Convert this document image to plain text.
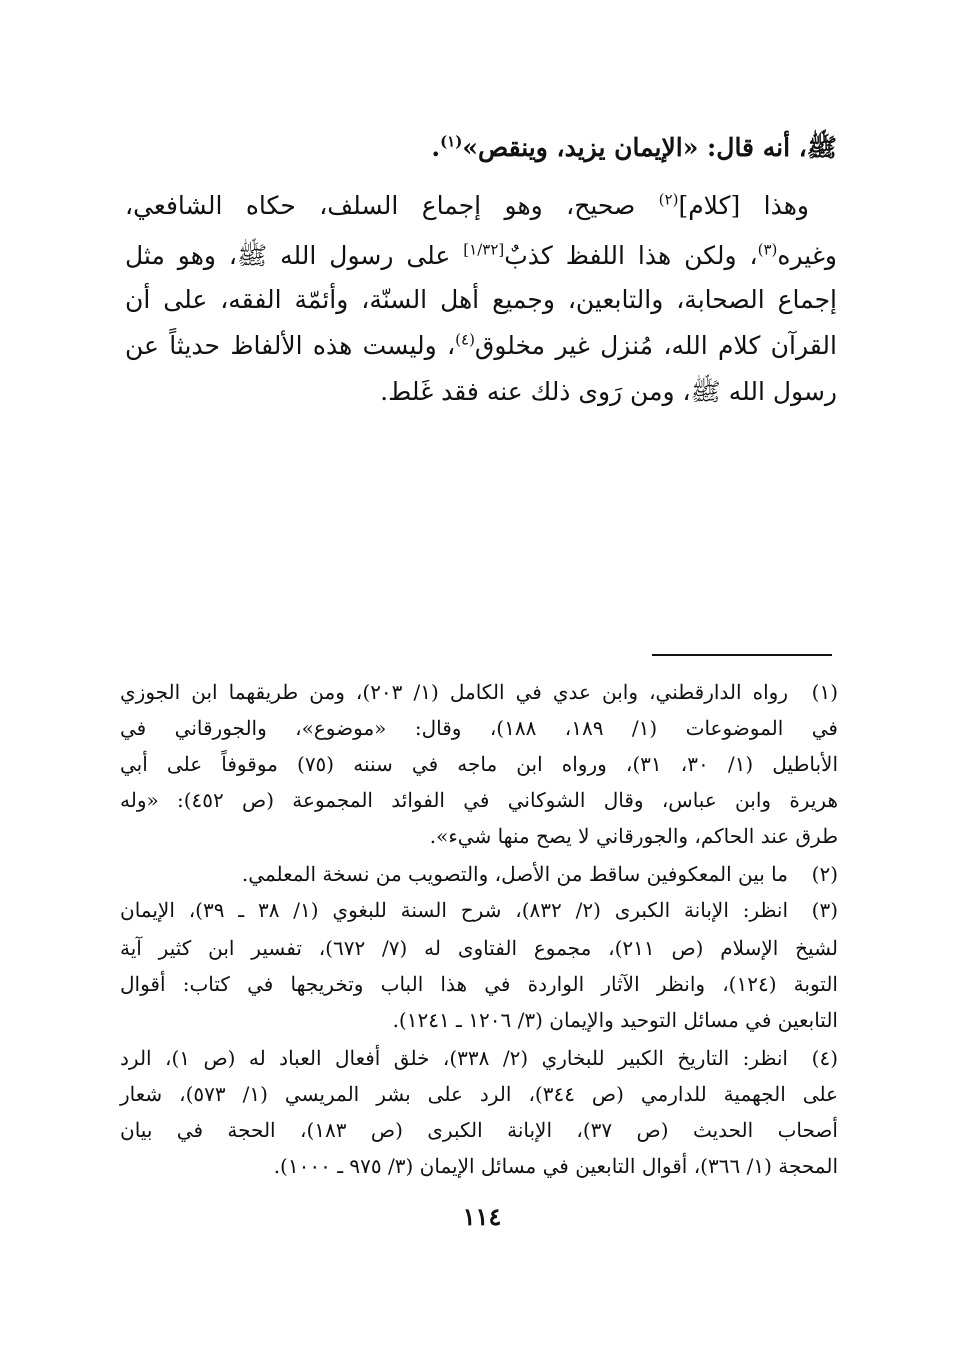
ﷺ، أنه قال: «الإيمان يزيد، وينقص»$^{(١)}$.
وهذا [كلام]$^{(٢)}$ صحيح، وهو إجماع السلف، حكاه الشافعي،
وغيره$^{(٣)}$، ولكن هذا اللفظ كذبٌ[١/٣٢] على رسول الله ﷺ، وهو مثل
إجماع الصحابة، والتابعين، وجميع أهل السنّة، وأئمّة الفقه، على أن
القرآن كلام الله، مُنزل غير مخلوق$^{(٤)}$، وليست هذه الألفاظ حديثاً عن
رسول الله ﷺ، ومن رَوى ذلك عنه فقد غَلط.
(١)
رواه الدارقطني، وابن عدي في الكامل (١/ ٢٠٣)، ومن طريقهما ابن الجوزي
في الموضوعات (١/ ١٨٩، ١٨٨)، وقال: «موضوع»، والجورقاني في
الأباطيل (١/ ٣٠، ٣١)، ورواه ابن ماجه في سننه (٧٥) موقوفاً على أبي
هريرة وابن عباس، وقال الشوكاني في الفوائد المجموعة (ص ٤٥٢): «وله
طرق عند الحاكم، والجورقاني لا يصح منها شيء».
(٢)
ما بين المعكوفين ساقط من الأصل، والتصويب من نسخة المعلمي.
(٣)
انظر: الإبانة الكبرى (٢/ ٨٣٢)، شرح السنة للبغوي (١/ ٣٨ ـ ٣٩)، الإيمان
لشيخ الإسلام (ص ٢١١)، مجموع الفتاوى له (٧/ ٦٧٢)، تفسير ابن كثير آية
التوبة (١٢٤)، وانظر الآثار الواردة في هذا الباب وتخريجها في كتاب: أقوال
التابعين في مسائل التوحيد والإيمان (٣/ ١٢٠٦ ـ ١٢٤١).
(٤)
انظر: التاريخ الكبير للبخاري (٢/ ٣٣٨)، خلق أفعال العباد له (ص ١)، الرد
على الجهمية للدارمي (ص ٣٤٤)، الرد على بشر المريسي (١/ ٥٧٣)، شعار
أصحاب الحديث (ص ٣٧)، الإبانة الكبرى (ص ١٨٣)، الحجة في بيان
المحجة (١/ ٣٦٦)، أقوال التابعين في مسائل الإيمان (٣/ ٩٧٥ ـ ١٠٠٠).
١١٤
